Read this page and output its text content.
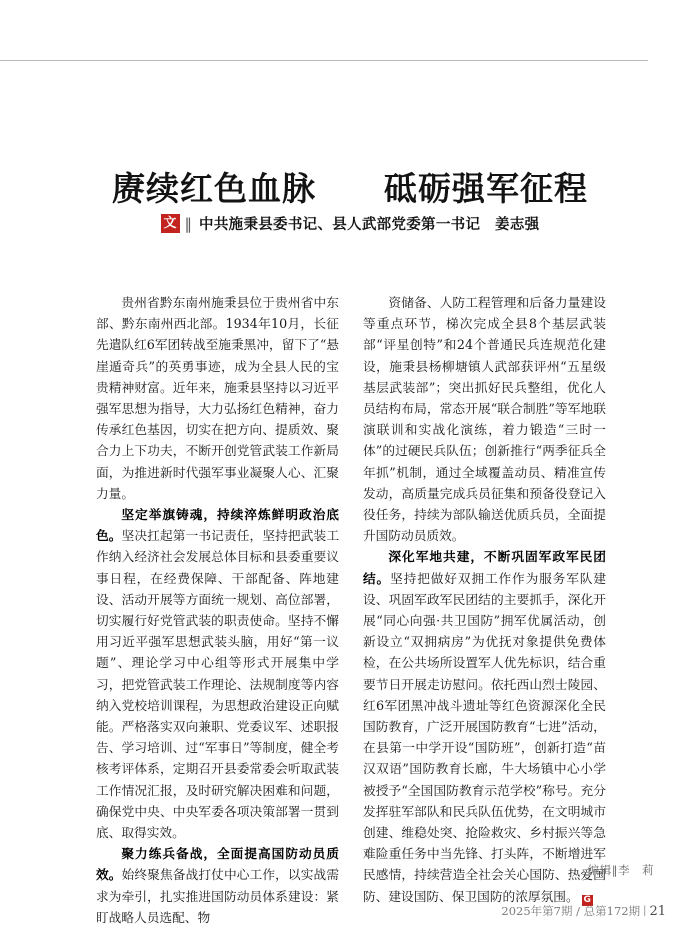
赓续红色血脉　　砥砺强军征程
文 ‖ 中共施秉县委书记、县人武部党委第一书记　姜志强

贵州省黔东南州施秉县位于贵州省中东部、黔东南州西北部。1934年10月，长征先遣队红6军团转战至施秉黑冲，留下了“悬崖遁奇兵”的英勇事迹，成为全县人民的宝贵精神财富。近年来，施秉县坚持以习近平强军思想为指导，大力弘扬红色精神，奋力传承红色基因，切实在把方向、提质效、聚合力上下功夫，不断开创党管武装工作新局面，为推进新时代强军事业凝聚人心、汇聚力量。

坚定举旗铸魂，持续淬炼鲜明政治底色。坚决扛起第一书记责任，坚持把武装工作纳入经济社会发展总体目标和县委重要议事日程，在经费保障、干部配备、阵地建设、活动开展等方面统一规划、高位部署，切实履行好党管武装的职责使命。坚持不懈用习近平强军思想武装头脑，用好“第一议题”、理论学习中心组等形式开展集中学习，把党管武装工作理论、法规制度等内容纳入党校培训课程，为思想政治建设正向赋能。严格落实双向兼职、党委议军、述职报告、学习培训、过“军事日”等制度，健全考核考评体系，定期召开县委常委会听取武装工作情况汇报，及时研究解决困难和问题，确保党中央、中央军委各项决策部署一贯到底、取得实效。

聚力练兵备战，全面提高国防动员质效。始终聚焦备战打仗中心工作，以实战需求为牵引，扎实推进国防动员体系建设：紧盯战略人员选配、物

资储备、人防工程管理和后备力量建设等重点环节，梯次完成全县8个基层武装部“评星创特”和24个普通民兵连规范化建设，施秉县杨柳塘镇人武部获评州“五星级基层武装部”；突出抓好民兵整组，优化人员结构布局，常态开展“联合制胜”等军地联演联训和实战化演练，着力锻造“三时一体”的过硬民兵队伍；创新推行“两季征兵全年抓”机制，通过全域覆盖动员、精准宣传发动，高质量完成兵员征集和预备役登记入役任务，持续为部队输送优质兵员，全面提升国防动员质效。

深化军地共建，不断巩固军政军民团结。坚持把做好双拥工作作为服务军队建设、巩固军政军民团结的主要抓手，深化开展“同心向强·共卫国防”拥军优属活动，创新设立“双拥病房”为优抚对象提供免费体检，在公共场所设置军人优先标识，结合重要节日开展走访慰问。依托西山烈士陵园、红6军团黑冲战斗遗址等红色资源深化全民国防教育，广泛开展国防教育“七进”活动，在县第一中学开设“国防班”，创新打造“苗汉双语”国防教育长廊，牛大场镇中心小学被授予“全国国防教育示范学校”称号。充分发挥驻军部队和民兵队伍优势，在文明城市创建、维稳处突、抢险救灾、乡村振兴等急难险重任务中当先锋、打头阵，不断增进军民感情，持续营造全社会关心国防、热爱国防、建设国防、保卫国防的浓厚氛围。 G

编辑‖李　莉

2025年第7期 / 总第172期 ∣ 21
